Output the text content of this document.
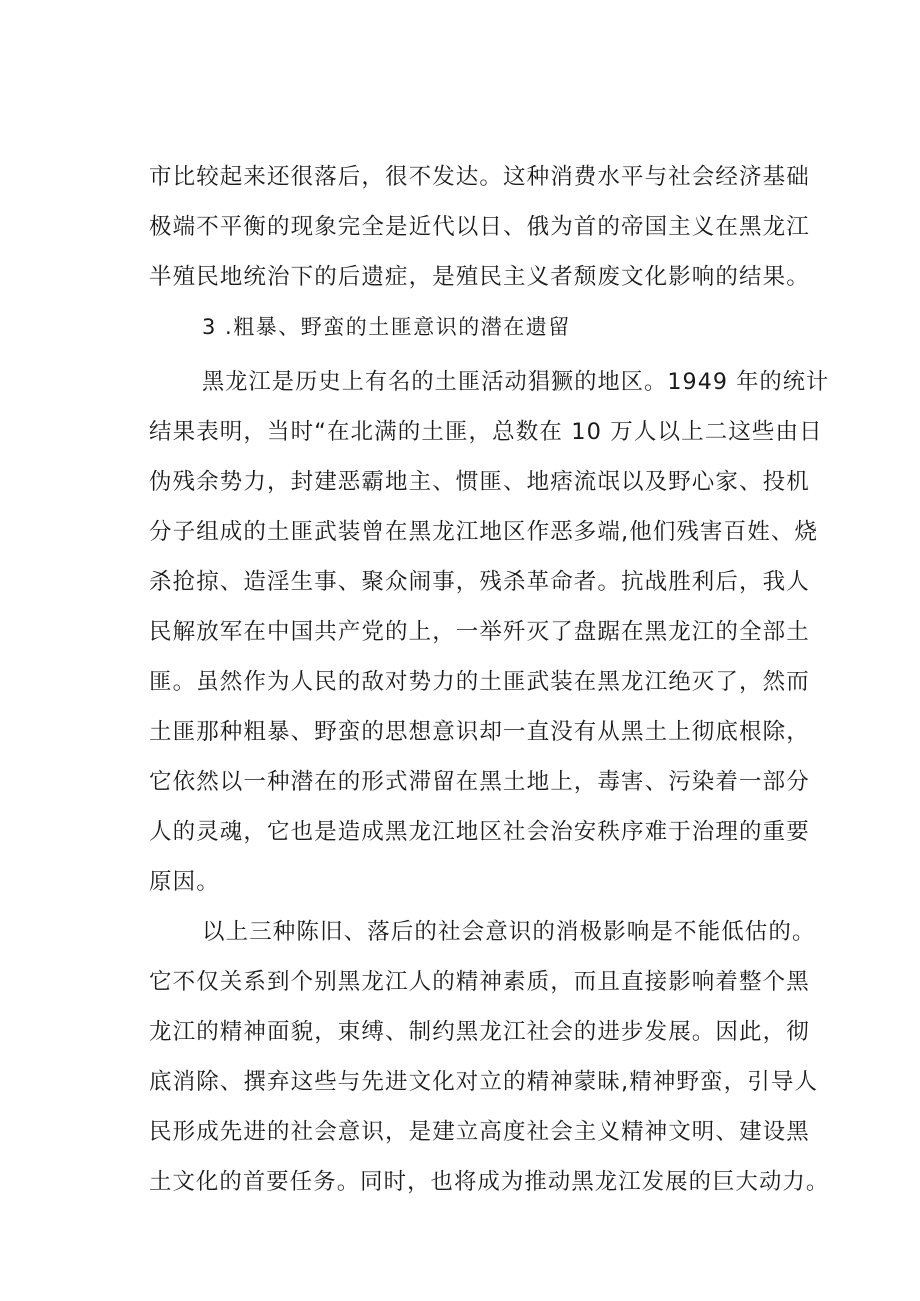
市比较起来还很落后，很不发达。这种消费水平与社会经济基础
极端不平衡的现象完全是近代以日、俄为首的帝国主义在黑龙江
半殖民地统治下的后遗症，是殖民主义者颓废文化影响的结果。
3 .粗暴、野蛮的土匪意识的潜在遗留
黑龙江是历史上有名的土匪活动猖獗的地区。1949 年的统计
结果表明，当时“在北满的土匪，总数在 10 万人以上二这些由日
伪残余势力，封建恶霸地主、惯匪、地痞流氓以及野心家、投机
分子组成的土匪武装曾在黑龙江地区作恶多端,他们残害百姓、烧
杀抢掠、造淫生事、聚众闹事，残杀革命者。抗战胜利后，我人
民解放军在中国共产党的上，一举歼灭了盘踞在黑龙江的全部土
匪。虽然作为人民的敌对势力的土匪武装在黑龙江绝灭了，然而
土匪那种粗暴、野蛮的思想意识却一直没有从黑土上彻底根除，
它依然以一种潜在的形式滞留在黑土地上，毒害、污染着一部分
人的灵魂，它也是造成黑龙江地区社会治安秩序难于治理的重要
原因。
以上三种陈旧、落后的社会意识的消极影响是不能低估的。
它不仅关系到个别黑龙江人的精神素质，而且直接影响着整个黑
龙江的精神面貌，束缚、制约黑龙江社会的进步发展。因此，彻
底消除、撰弃这些与先进文化对立的精神蒙昧,精神野蛮，引导人
民形成先进的社会意识，是建立高度社会主义精神文明、建设黑
土文化的首要任务。同时，也将成为推动黑龙江发展的巨大动力。
